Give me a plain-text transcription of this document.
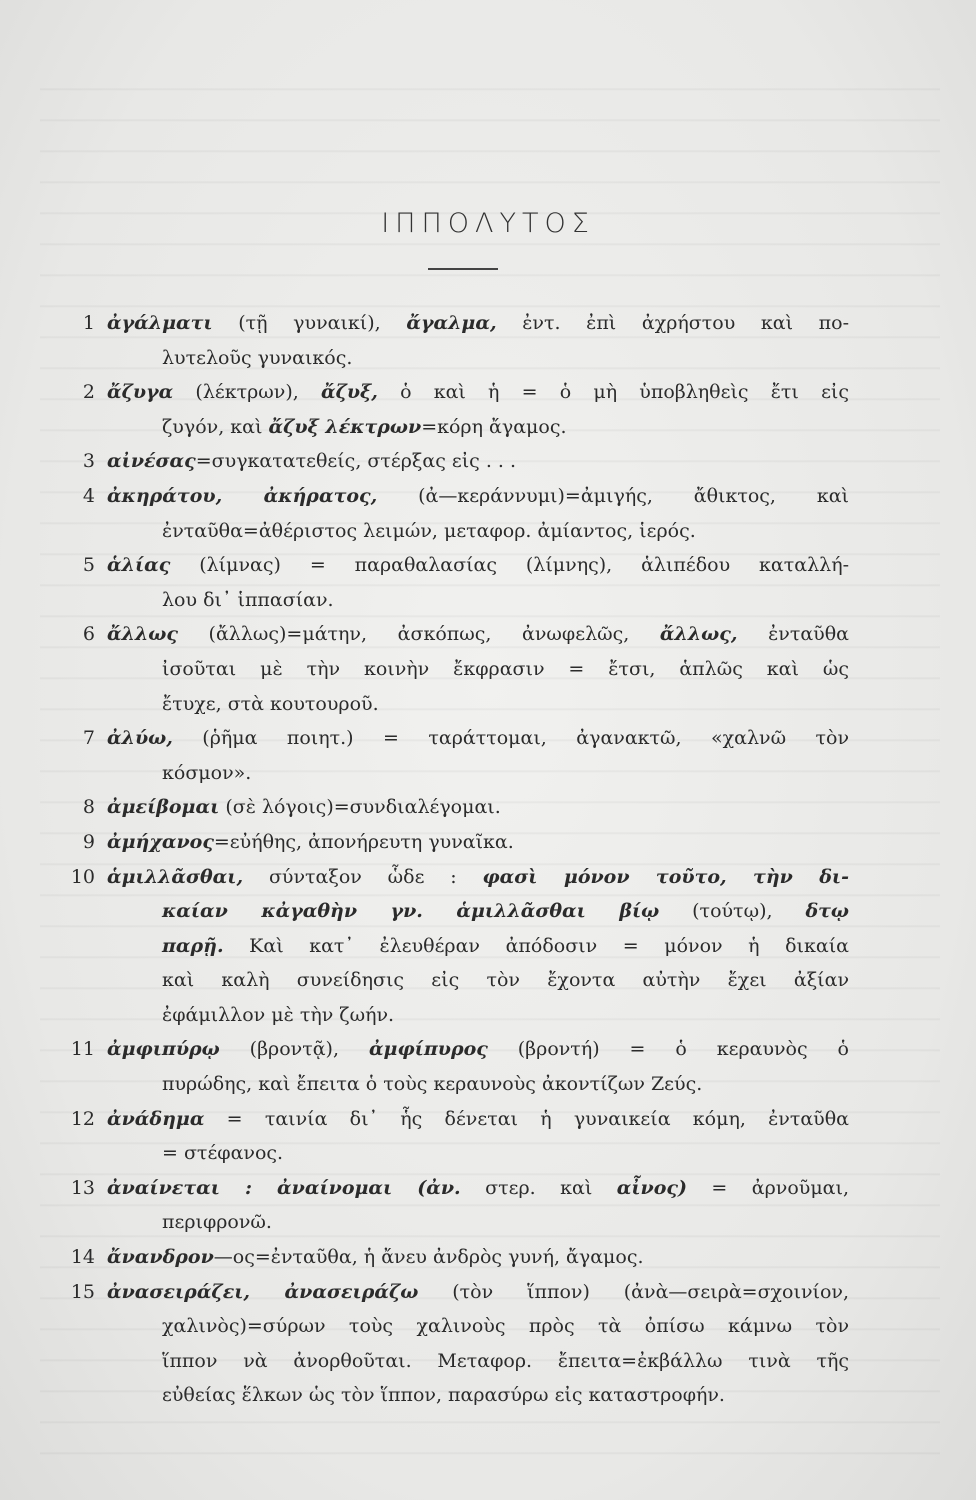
ΙΠΠΟΛΥΤΟΣ
1 ἀγάλματι (τῇ γυναικί), ἄγαλμα, ἐντ. ἐπὶ ἀχρήστου καὶ πο-
λυτελοῦς γυναικός.
2 ἄζυγα (λέκτρων), ἄζυξ, ὁ καὶ ἡ = ὁ μὴ ὑποβληθεὶς ἔτι εἰς
ζυγόν, καὶ ἄζυξ λέκτρων=κόρη ἄγαμος.
3 αἰνέσας=συγκατατεθείς, στέρξας εἰς . . .
4 ἀκηράτου, ἀκήρατος, (ἀ—κεράννυμι)=ἀμιγής, ἄθικτος, καὶ
ἐνταῦθα=ἀθέριστος λειμών, μεταφορ. ἀμίαντος, ἱερός.
5 ἁλίας (λίμνας) = παραθαλασίας (λίμνης), ἁλιπέδου καταλλή-
λου δι᾽ ἱππασίαν.
6 ἄλλως (ἄλλως)=μάτην, ἀσκόπως, ἀνωφελῶς, ἄλλως, ἐνταῦθα
ἰσοῦται μὲ τὴν κοινὴν ἔκφρασιν = ἔτσι, ἁπλῶς καὶ ὡς
ἔτυχε, στὰ κουτουροῦ.
7 ἀλύω, (ῥῆμα ποιητ.) = ταράττομαι, ἀγανακτῶ, «χαλνῶ τὸν
κόσμον».
8 ἀμείβομαι (σὲ λόγοις)=συνδιαλέγομαι.
9 ἀμήχανος=εὐήθης, ἀπονήρευτη γυναῖκα.
10 ἁμιλλᾶσθαι, σύνταξον ὧδε : φασὶ μόνον τοῦτο, τὴν δι-
καίαν κἀγαθὴν γν. ἁμιλλᾶσθαι βίῳ (τούτῳ), δτῳ
παρῇ. Καὶ κατ᾽ ἐλευθέραν ἀπόδοσιν = μόνον ἡ δικαία
καὶ καλὴ συνείδησις εἰς τὸν ἔχοντα αὐτὴν ἔχει ἀξίαν
ἐφάμιλλον μὲ τὴν ζωήν.
11 ἀμφιπύρῳ (βροντᾷ), ἀμφίπυρος (βροντή) = ὁ κεραυνὸς ὁ
πυρώδης, καὶ ἔπειτα ὁ τοὺς κεραυνοὺς ἀκοντίζων Ζεύς.
12 ἀνάδημα = ταινία δι᾽ ἧς δένεται ἡ γυναικεία κόμη, ἐνταῦθα
= στέφανος.
13 ἀναίνεται : ἀναίνομαι (ἀν. στερ. καὶ αἶνος) = ἀρνοῦμαι,
περιφρονῶ.
14 ἄνανδρον—ος=ἐνταῦθα, ἡ ἄνευ ἀνδρὸς γυνή, ἄγαμος.
15 ἀνασειράζει, ἀνασειράζω (τὸν ἵππον) (ἀνὰ—σειρὰ=σχοινίον,
χαλινὸς)=σύρων τοὺς χαλινοὺς πρὸς τὰ ὀπίσω κάμνω τὸν
ἵππον νὰ ἀνορθοῦται. Μεταφορ. ἔπειτα=ἐκβάλλω τινὰ τῆς
εὐθείας ἕλκων ὡς τὸν ἵππον, παρασύρω εἰς καταστροφήν.
